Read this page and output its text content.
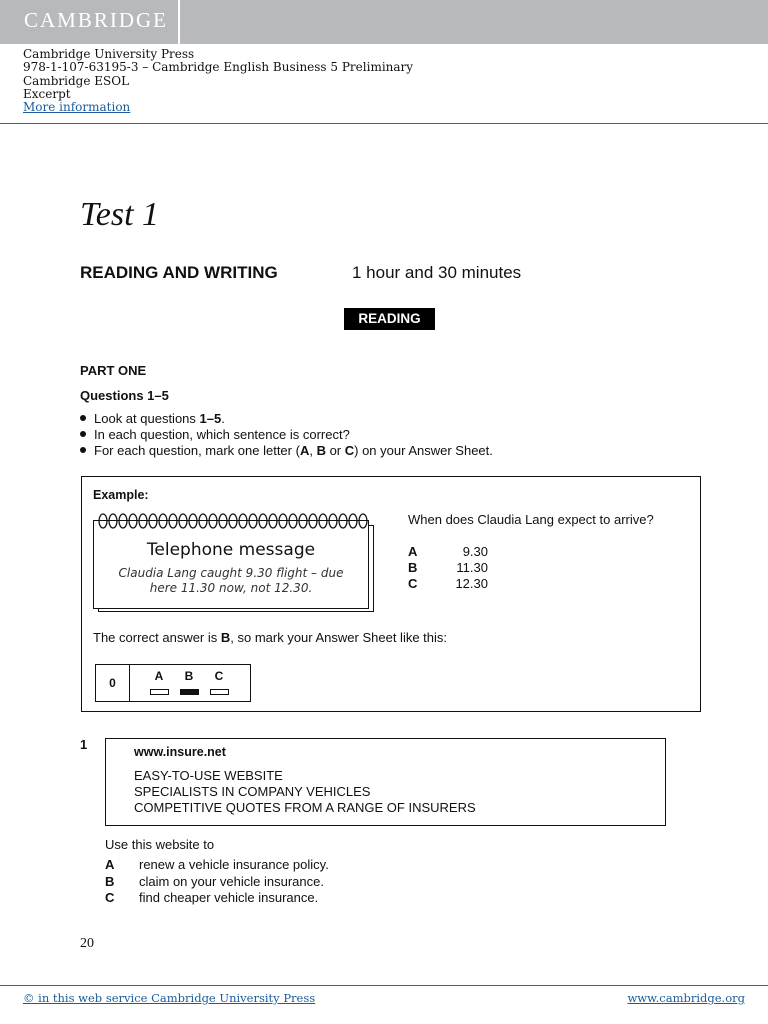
CAMBRIDGE
Cambridge University Press
978-1-107-63195-3 – Cambridge English Business 5 Preliminary
Cambridge ESOL
Excerpt
More information
Test 1
READING AND WRITING	1 hour and 30 minutes
READING
PART ONE
Questions 1–5
Look at questions 1–5.
In each question, which sentence is correct?
For each question, mark one letter (A, B or C) on your Answer Sheet.
Example:
Telephone message
Claudia Lang caught 9.30 flight – due
here 11.30 now, not 12.30.
When does Claudia Lang expect to arrive?
A	9.30
B	11.30
C	12.30
The correct answer is B, so mark your Answer Sheet like this:
0	A B C
1	www.insure.net
EASY-TO-USE WEBSITE
SPECIALISTS IN COMPANY VEHICLES
COMPETITIVE QUOTES FROM A RANGE OF INSURERS
Use this website to
A	renew a vehicle insurance policy.
B	claim on your vehicle insurance.
C	find cheaper vehicle insurance.
20
© in this web service Cambridge University Press	www.cambridge.org
